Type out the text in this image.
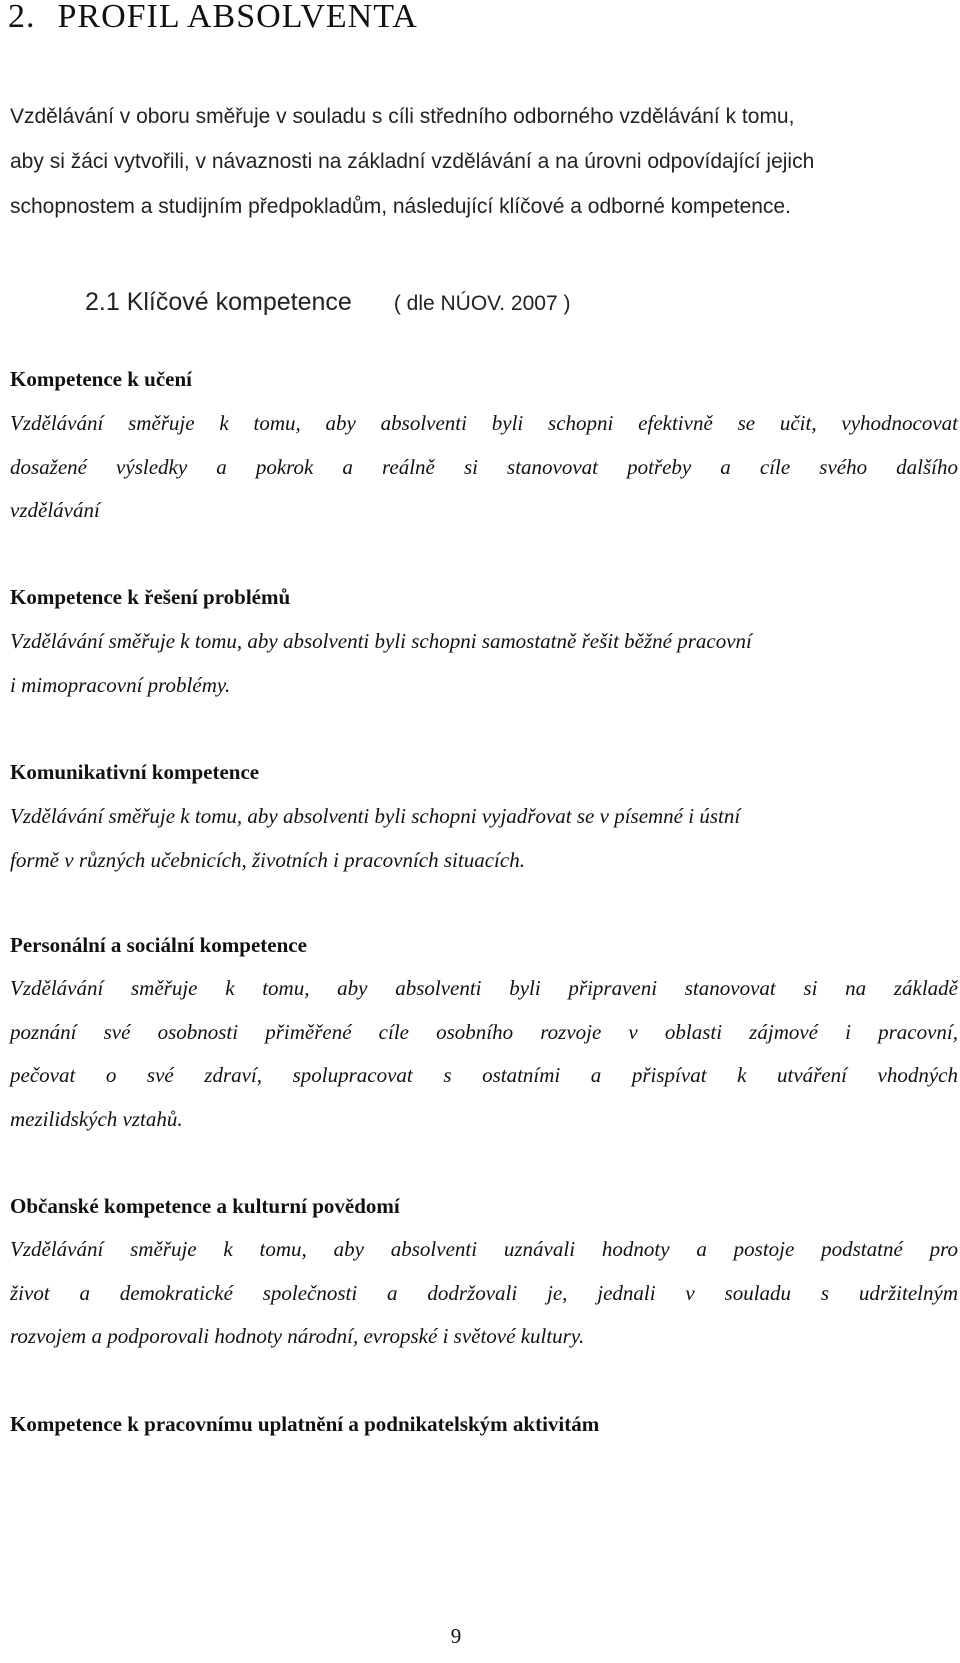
2. PROFIL ABSOLVENTA

Vzdělávání v oboru směřuje v souladu s cíli středního odborného vzdělávání k tomu,
aby si žáci vytvořili, v návaznosti na základní vzdělávání a na úrovni odpovídající jejich
schopnostem a studijním předpokladům, následující klíčové a odborné kompetence.

2.1 Klíčové kompetence ( dle NÚOV. 2007 )
Kompetence k učení

Vzdělávání směřuje k tomu, aby absolventi byli schopni efektivně se učit, vyhodnocovat
dosažené výsledky a pokrok a reálně si stanovovat potřeby a cíle svého dalšího
vzdělávání

Kompetence k řešení problémů

Vzdělávání směřuje k tomu, aby absolventi byli schopni samostatně řešit běžné pracovní
i mimopracovní problémy.

Komunikativní kompetence

Vzdělávání směřuje k tomu, aby absolventi byli schopni vyjadřovat se v písemné i ústní
formě v různých učebnicích, životních i pracovních situacích.

Personální a sociální kompetence

Vzdělávání směřuje k tomu, aby absolventi byli připraveni stanovovat si na základě
poznání své osobnosti přiměřené cíle osobního rozvoje v oblasti zájmové i pracovní,
pečovat o své zdraví, spolupracovat s ostatními a přispívat k utváření vhodných
mezilidských vztahů.

Občanské kompetence a kulturní povědomí

Vzdělávání směřuje k tomu, aby absolventi uznávali hodnoty a postoje podstatné pro
život a demokratické společnosti a dodržovali je, jednali v souladu s udržitelným
rozvojem a podporovali hodnoty národní, evropské i světové kultury.

Kompetence k pracovnímu uplatnění a podnikatelským aktivitám

9
